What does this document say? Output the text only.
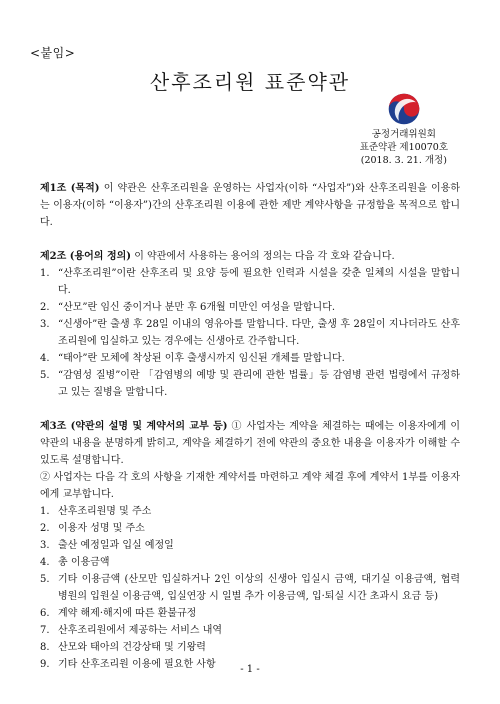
<붙임>
산후조리원 표준약관
공정거래위원회
표준약관 제10070호
(2018. 3. 21. 개정)

제1조 (목적) 이 약관은 산후조리원을 운영하는 사업자(이하 “사업자”)와 산후조리원을 이용하는 이용자(이하 “이용자”)간의 산후조리원 이용에 관한 제반 계약사항을 규정함을 목적으로 합니다.

제2조 (용어의 정의) 이 약관에서 사용하는 용어의 정의는 다음 각 호와 같습니다.

1. “산후조리원”이란 산후조리 및 요양 등에 필요한 인력과 시설을 갖춘 일체의 시설을 말합니다.
2. “산모”란 임신 중이거나 분만 후 6개월 미만인 여성을 말합니다.
3. “신생아”란 출생 후 28일 이내의 영유아를 말합니다. 다만, 출생 후 28일이 지나더라도 산후조리원에 입실하고 있는 경우에는 신생아로 간주합니다.
4. “태아”란 모체에 착상된 이후 출생시까지 임신된 개체를 말합니다.
5. “감염성 질병”이란 「감염병의 예방 및 관리에 관한 법률」등 감염병 관련 법령에서 규정하고 있는 질병을 말합니다.

제3조 (약관의 설명 및 계약서의 교부 등) ① 사업자는 계약을 체결하는 때에는 이용자에게 이 약관의 내용을 분명하게 밝히고, 계약을 체결하기 전에 약관의 중요한 내용을 이용자가 이해할 수 있도록 설명합니다.

② 사업자는 다음 각 호의 사항을 기재한 계약서를 마련하고 계약 체결 후에 계약서 1부를 이용자에게 교부합니다.

1. 산후조리원명 및 주소
2. 이용자 성명 및 주소
3. 출산 예정일과 입실 예정일
4. 총 이용금액
5. 기타 이용금액 (산모만 입실하거나 2인 이상의 신생아 입실시 금액, 대기실 이용금액, 협력 병원의 입원실 이용금액, 입실연장 시 일별 추가 이용금액, 입·퇴실 시간 초과시 요금 등)
6. 계약 해제·해지에 따른 환불규정
7. 산후조리원에서 제공하는 서비스 내역
8. 산모와 태아의 건강상태 및 기왕력
9. 기타 산후조리원 이용에 필요한 사항	- 1 -
